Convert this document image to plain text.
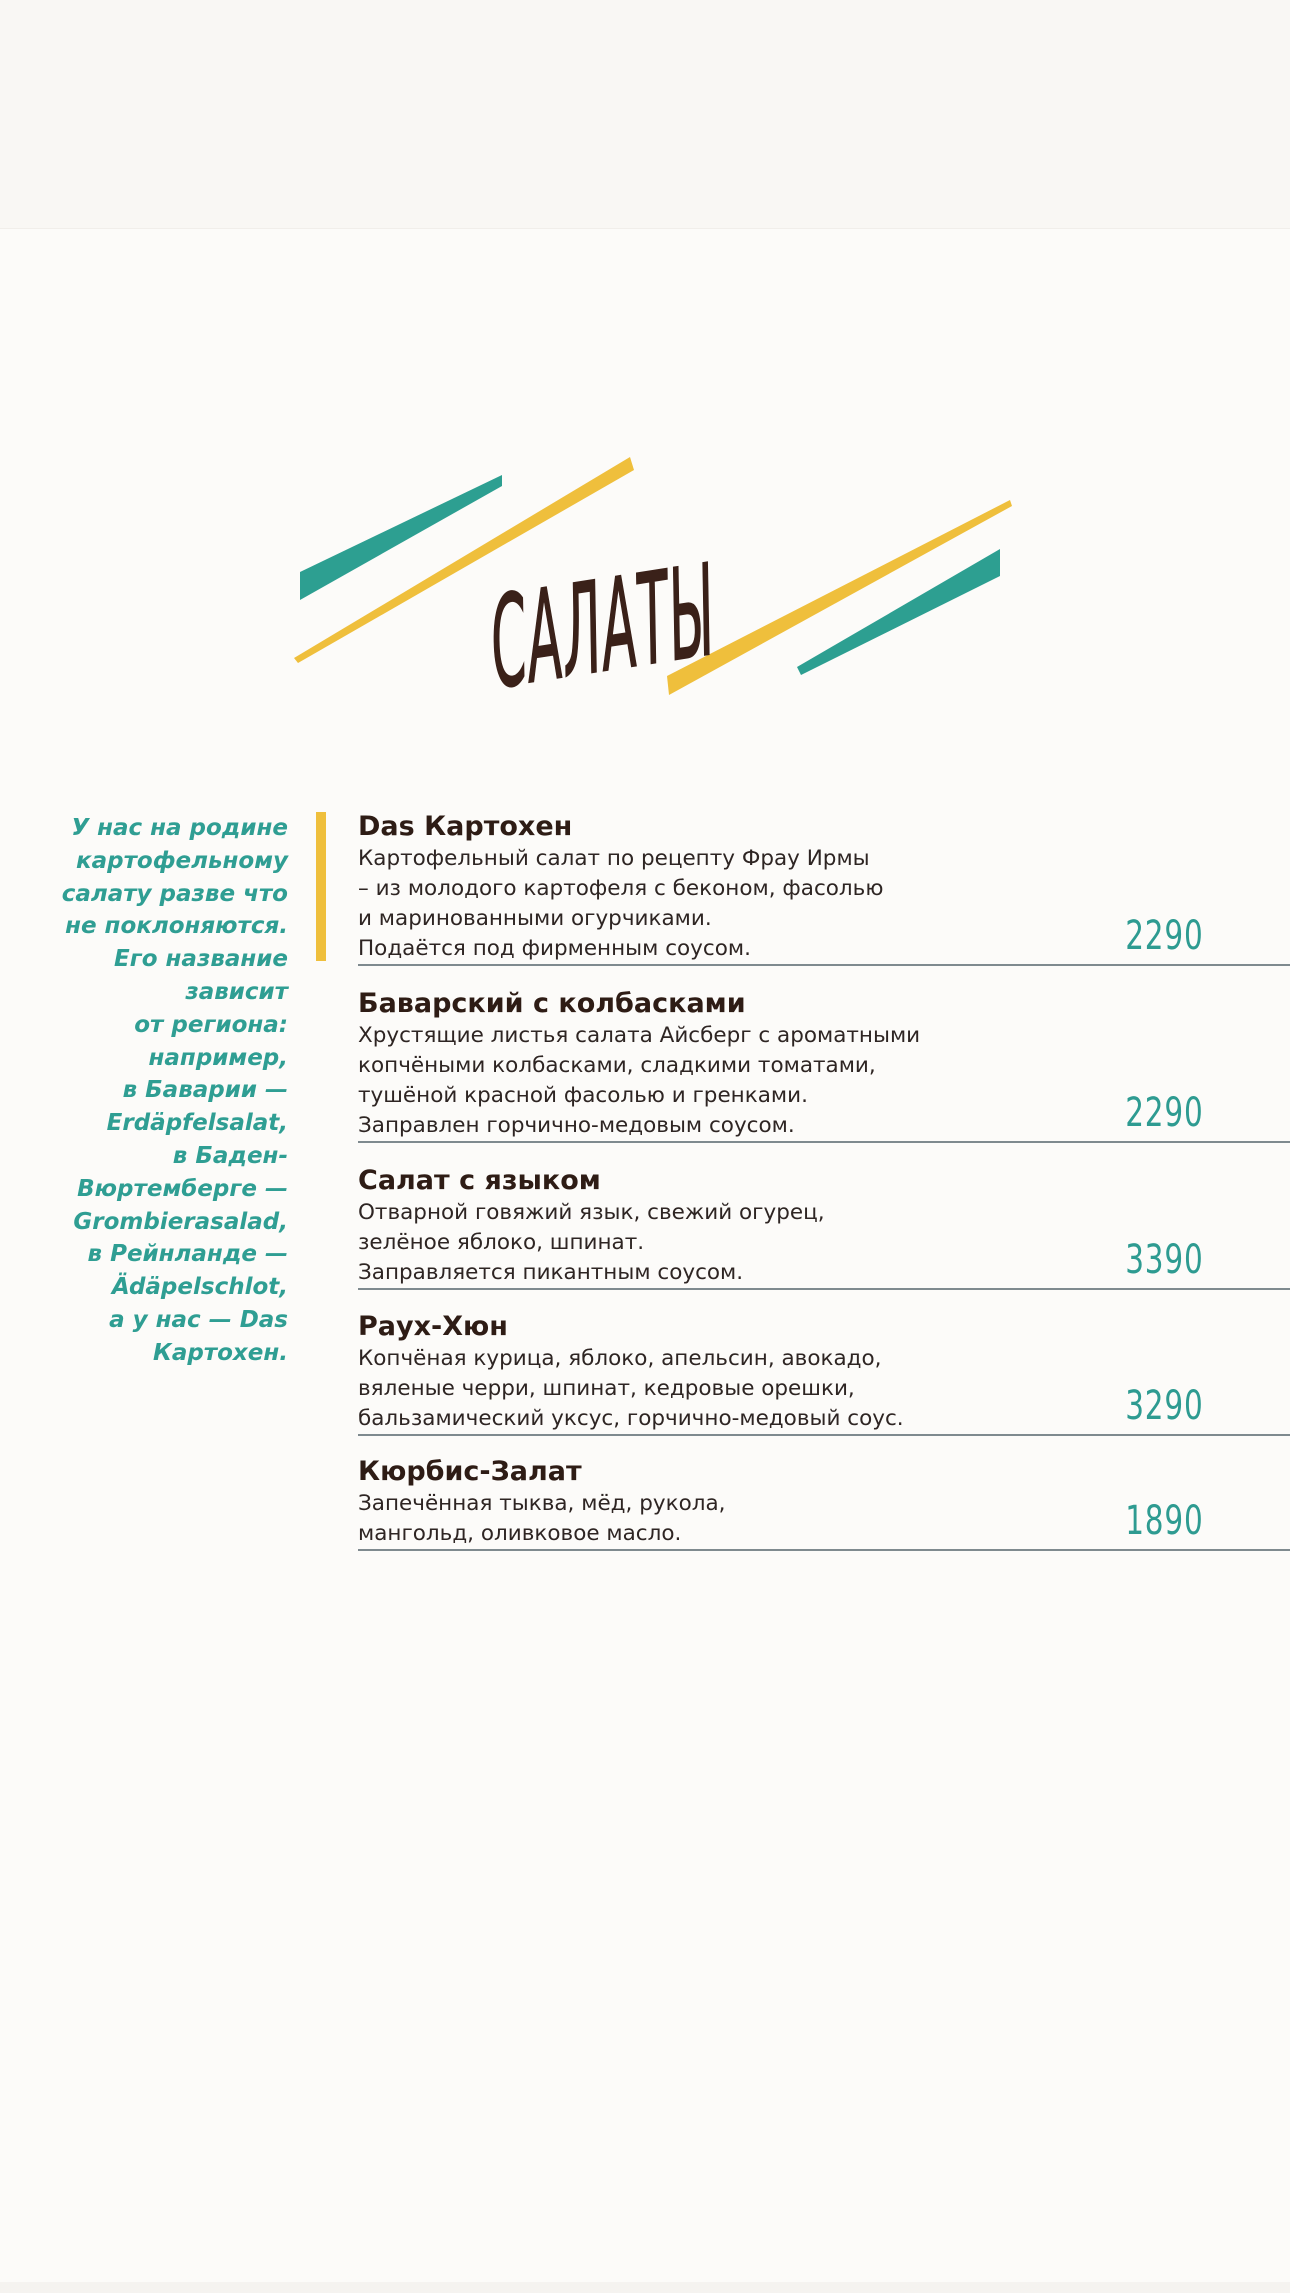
САЛАТЫ
У нас на родине
картофельному
салату разве что
не поклоняются.
Его название
зависит
от региона:
например,
в Баварии —
Erdäpfelsalat,
в Баден-
Вюртемберге —
Grombierasalad,
в Рейнланде —
Ädäpelschlot,
а у нас — Das
Картохен.
Das Картохен
Картофельный салат по рецепту Фрау Ирмы
– из молодого картофеля с беконом, фасолью
и маринованными огурчиками.
Подаётся под фирменным соусом.	2290
Баварский с колбасками
Хрустящие листья салата Айсберг с ароматными
копчёными колбасками, сладкими томатами,
тушёной красной фасолью и гренками.
Заправлен горчично-медовым соусом.	2290
Салат с языком
Отварной говяжий язык, свежий огурец,
зелёное яблоко, шпинат.
Заправляется пикантным соусом.	3390
Раух-Хюн
Копчёная курица, яблоко, апельсин, авокадо,
вяленые черри, шпинат, кедровые орешки,
бальзамический уксус, горчично-медовый соус.	3290
Кюрбис-Залат
Запечённая тыква, мёд, рукола,
мангольд, оливковое масло.	1890
